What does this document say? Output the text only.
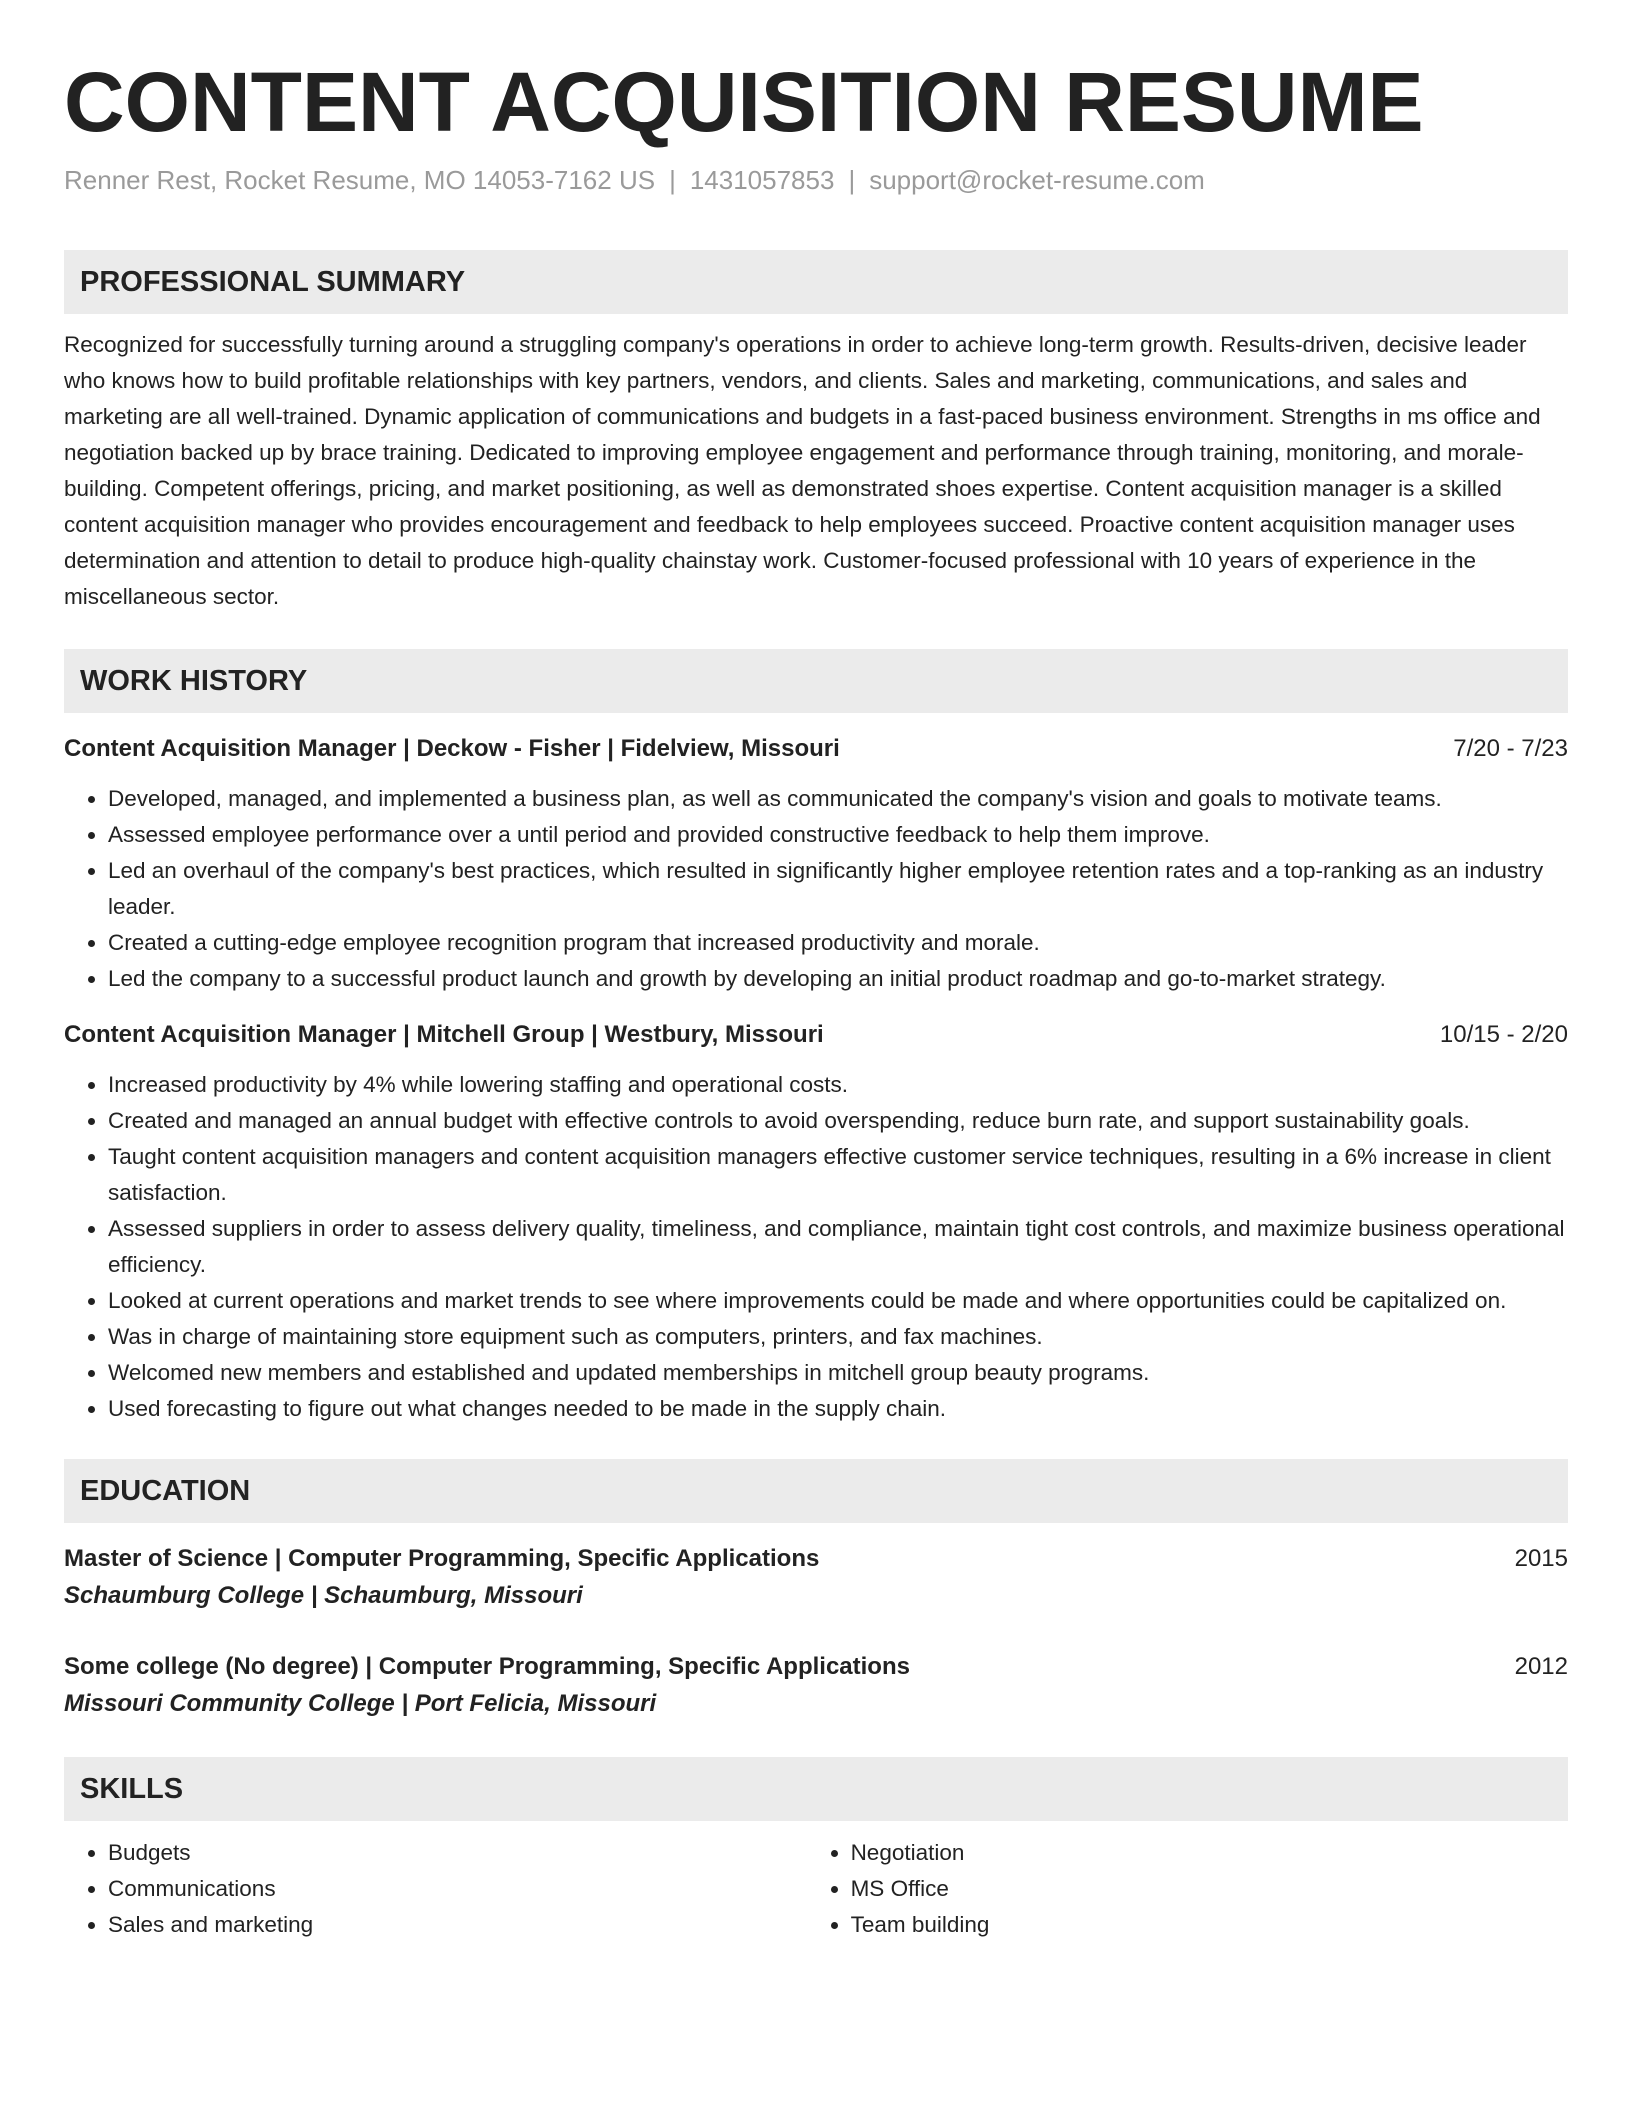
CONTENT ACQUISITION RESUME
Renner Rest, Rocket Resume, MO 14053-7162 US | 1431057853 | support@rocket-resume.com
PROFESSIONAL SUMMARY
Recognized for successfully turning around a struggling company's operations in order to achieve long-term growth. Results-driven, decisive leader who knows how to build profitable relationships with key partners, vendors, and clients. Sales and marketing, communications, and sales and marketing are all well-trained. Dynamic application of communications and budgets in a fast-paced business environment. Strengths in ms office and negotiation backed up by brace training. Dedicated to improving employee engagement and performance through training, monitoring, and morale-building. Competent offerings, pricing, and market positioning, as well as demonstrated shoes expertise. Content acquisition manager is a skilled content acquisition manager who provides encouragement and feedback to help employees succeed. Proactive content acquisition manager uses determination and attention to detail to produce high-quality chainstay work. Customer-focused professional with 10 years of experience in the miscellaneous sector.
WORK HISTORY
Content Acquisition Manager | Deckow - Fisher | Fidelview, Missouri	7/20 - 7/23
• Developed, managed, and implemented a business plan, as well as communicated the company's vision and goals to motivate teams.
• Assessed employee performance over a until period and provided constructive feedback to help them improve.
• Led an overhaul of the company's best practices, which resulted in significantly higher employee retention rates and a top-ranking as an industry leader.
• Created a cutting-edge employee recognition program that increased productivity and morale.
• Led the company to a successful product launch and growth by developing an initial product roadmap and go-to-market strategy.
Content Acquisition Manager | Mitchell Group | Westbury, Missouri	10/15 - 2/20
• Increased productivity by 4% while lowering staffing and operational costs.
• Created and managed an annual budget with effective controls to avoid overspending, reduce burn rate, and support sustainability goals.
• Taught content acquisition managers and content acquisition managers effective customer service techniques, resulting in a 6% increase in client satisfaction.
• Assessed suppliers in order to assess delivery quality, timeliness, and compliance, maintain tight cost controls, and maximize business operational efficiency.
• Looked at current operations and market trends to see where improvements could be made and where opportunities could be capitalized on.
• Was in charge of maintaining store equipment such as computers, printers, and fax machines.
• Welcomed new members and established and updated memberships in mitchell group beauty programs.
• Used forecasting to figure out what changes needed to be made in the supply chain.
EDUCATION
Master of Science | Computer Programming, Specific Applications	2015
Schaumburg College | Schaumburg, Missouri
Some college (No degree) | Computer Programming, Specific Applications	2012
Missouri Community College | Port Felicia, Missouri
SKILLS
• Budgets
• Communications
• Sales and marketing
• Negotiation
• MS Office
• Team building
